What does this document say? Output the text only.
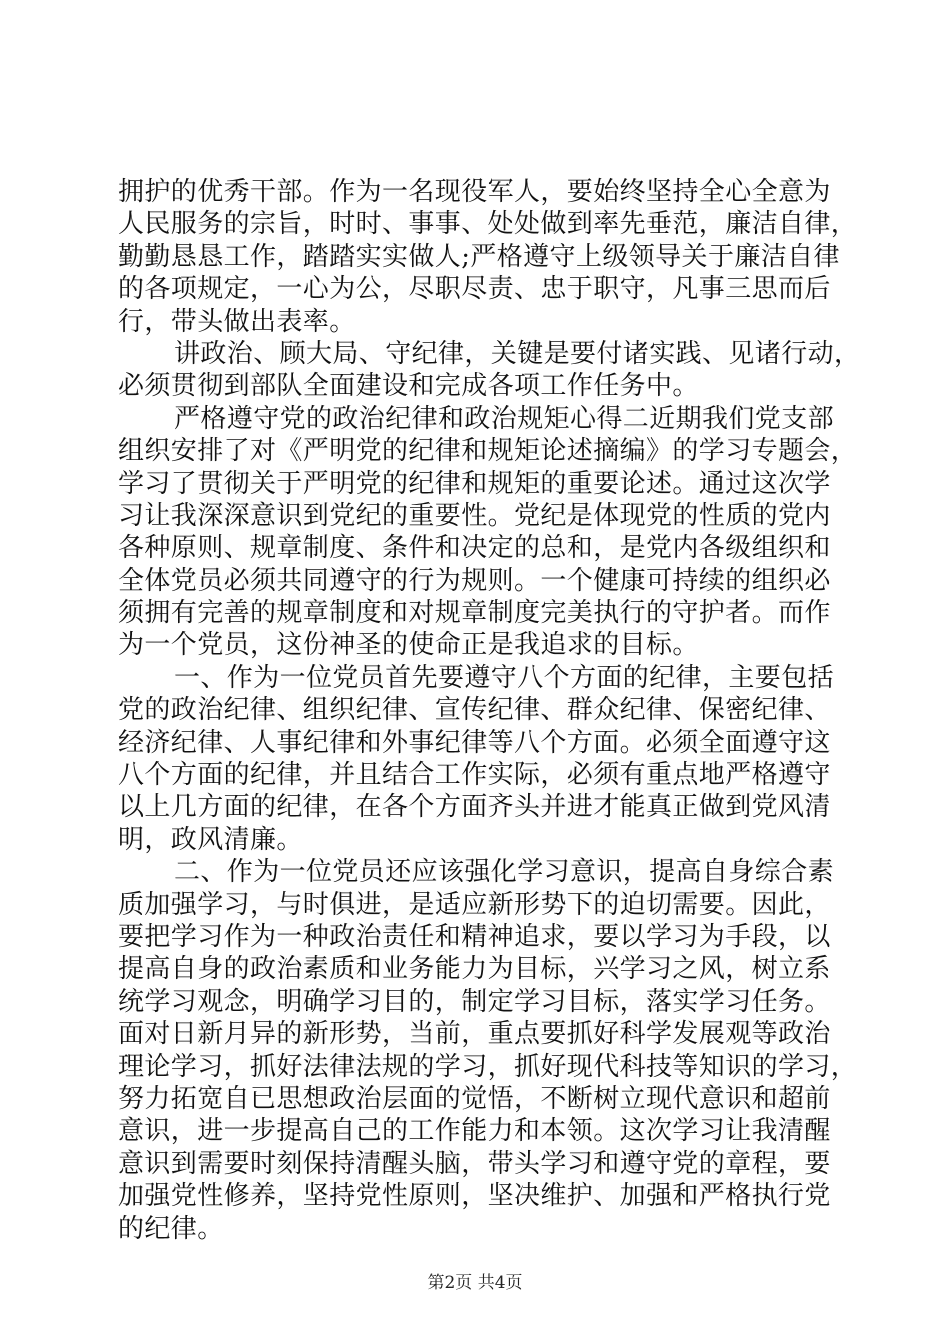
拥护的优秀干部。作为一名现役军人，要始终坚持全心全意为
人民服务的宗旨，时时、事事、处处做到率先垂范，廉洁自律，
勤勤恳恳工作，踏踏实实做人;严格遵守上级领导关于廉洁自律
的各项规定，一心为公，尽职尽责、忠于职守，凡事三思而后
行，带头做出表率。
讲政治、顾大局、守纪律，关键是要付诸实践、见诸行动，
必须贯彻到部队全面建设和完成各项工作任务中。
严格遵守党的政治纪律和政治规矩心得二近期我们党支部
组织安排了对《严明党的纪律和规矩论述摘编》的学习专题会，
学习了贯彻关于严明党的纪律和规矩的重要论述。通过这次学
习让我深深意识到党纪的重要性。党纪是体现党的性质的党内
各种原则、规章制度、条件和决定的总和，是党内各级组织和
全体党员必须共同遵守的行为规则。一个健康可持续的组织必
须拥有完善的规章制度和对规章制度完美执行的守护者。而作
为一个党员，这份神圣的使命正是我追求的目标。
一、作为一位党员首先要遵守八个方面的纪律，主要包括
党的政治纪律、组织纪律、宣传纪律、群众纪律、保密纪律、
经济纪律、人事纪律和外事纪律等八个方面。必须全面遵守这
八个方面的纪律，并且结合工作实际，必须有重点地严格遵守
以上几方面的纪律，在各个方面齐头并进才能真正做到党风清
明，政风清廉。
二、作为一位党员还应该强化学习意识，提高自身综合素
质加强学习，与时俱进，是适应新形势下的迫切需要。因此，
要把学习作为一种政治责任和精神追求，要以学习为手段，以
提高自身的政治素质和业务能力为目标，兴学习之风，树立系
统学习观念，明确学习目的，制定学习目标，落实学习任务。
面对日新月异的新形势，当前，重点要抓好科学发展观等政治
理论学习，抓好法律法规的学习，抓好现代科技等知识的学习，
努力拓宽自已思想政治层面的觉悟，不断树立现代意识和超前
意识，进一步提高自己的工作能力和本领。这次学习让我清醒
意识到需要时刻保持清醒头脑，带头学习和遵守党的章程，要
加强党性修养，坚持党性原则，坚决维护、加强和严格执行党
的纪律。
第2页 共4页
